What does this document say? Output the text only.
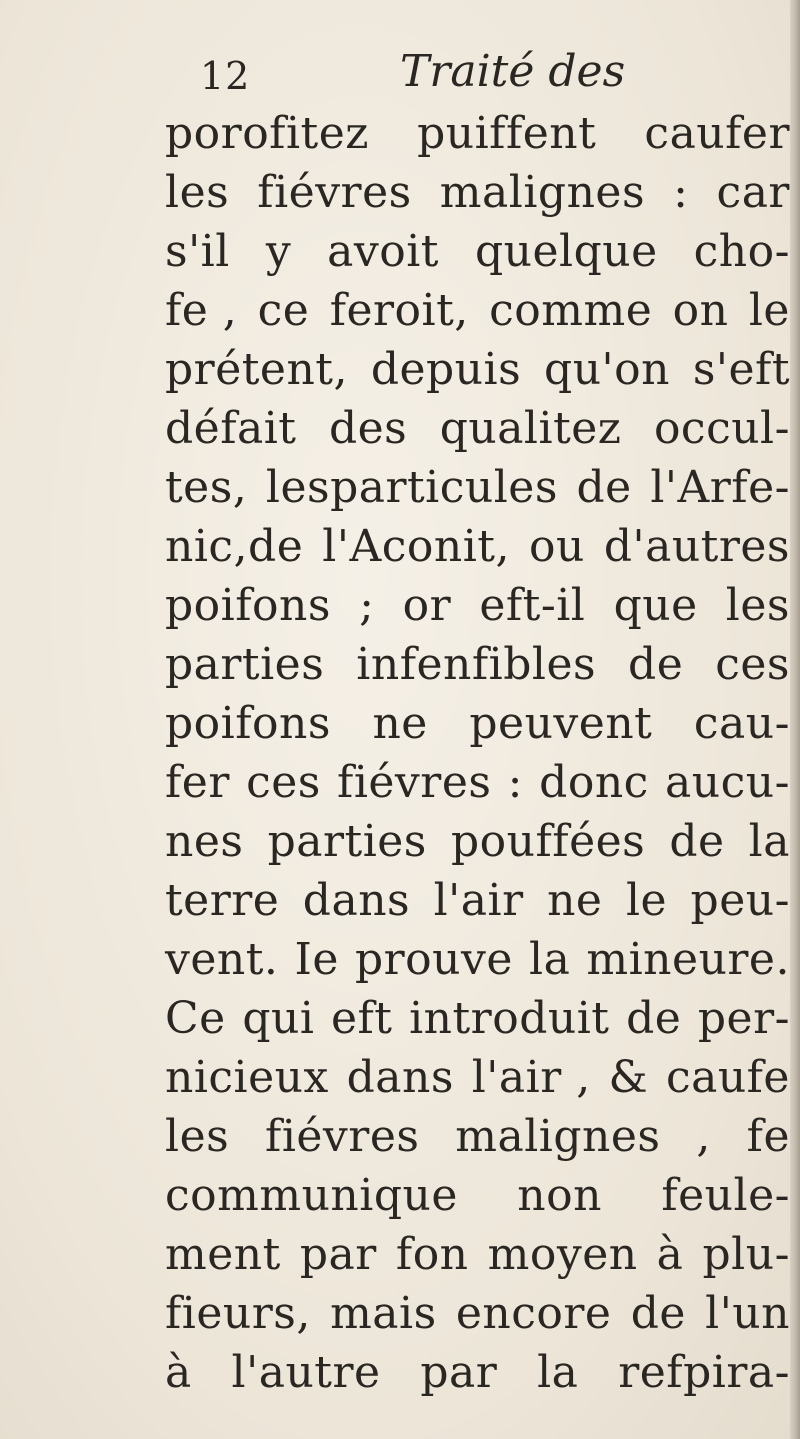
12	Traité des
porofitez puiffent caufer
les fiévres malignes : car
s'il y avoit quelque cho-
fe , ce feroit, comme on le
prétent, depuis qu'on s'eft
défait des qualitez occul-
tes, lesparticules de l'Arfe-
nic,de l'Aconit, ou d'autres
poifons ; or eft-il que les
parties infenfibles de ces
poifons ne peuvent cau-
fer ces fiévres : donc aucu-
nes parties pouffées de la
terre dans l'air ne le peu-
vent. Ie prouve la mineure.
Ce qui eft introduit de per-
nicieux dans l'air , & caufe
les fiévres malignes , fe
communique non feule-
ment par fon moyen à plu-
fieurs, mais encore de l'un
à l'autre par la refpira-
